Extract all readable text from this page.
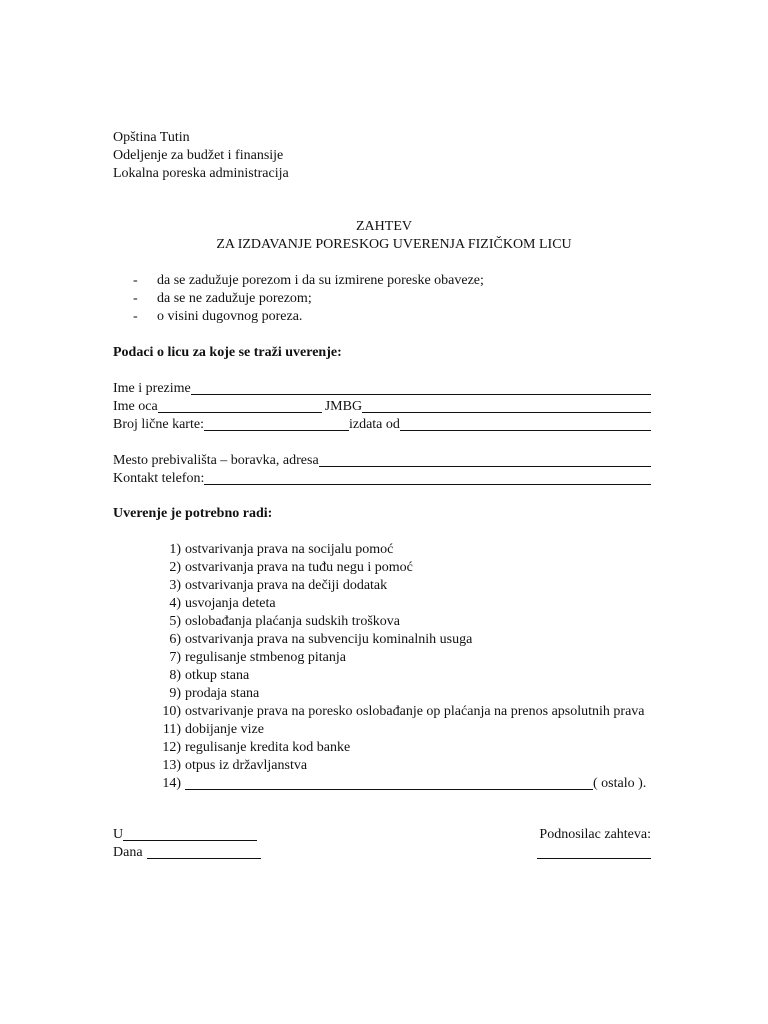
Opština Tutin
Odeljenje za budžet i finansije
Lokalna poreska administracija
ZAHTEV
ZA IZDAVANJE PORESKOG UVERENJA FIZIČKOM LICU
-	da se zadužuje porezom i da su izmirene poreske obaveze;
-	da se ne zadužuje porezom;
-	o visini dugovnog poreza.
Podaci o licu za koje se traži uverenje:
Ime i prezime
Ime oca	JMBG
Broj lične karte:	izdata od
Mesto prebivališta – boravka, adresa
Kontakt telefon:
Uverenje je potrebno radi:
1) ostvarivanja prava na socijalu pomoć
2) ostvarivanja prava na tuđu negu i pomoć
3) ostvarivanja prava na dečiji dodatak
4) usvojanja deteta
5) oslobađanja plaćanja sudskih troškova
6) ostvarivanja prava na subvenciju kominalnih usuga
7) regulisanje stmbenog pitanja
8) otkup stana
9) prodaja stana
10) ostvarivanje prava na poresko oslobađanje op plaćanja na prenos apsolutnih prava
11) dobijanje vize
12) regulisanje kredita kod banke
13) otpus iz državljanstva
14)	( ostalo ).
U	Podnosilac zahteva:
Dana
